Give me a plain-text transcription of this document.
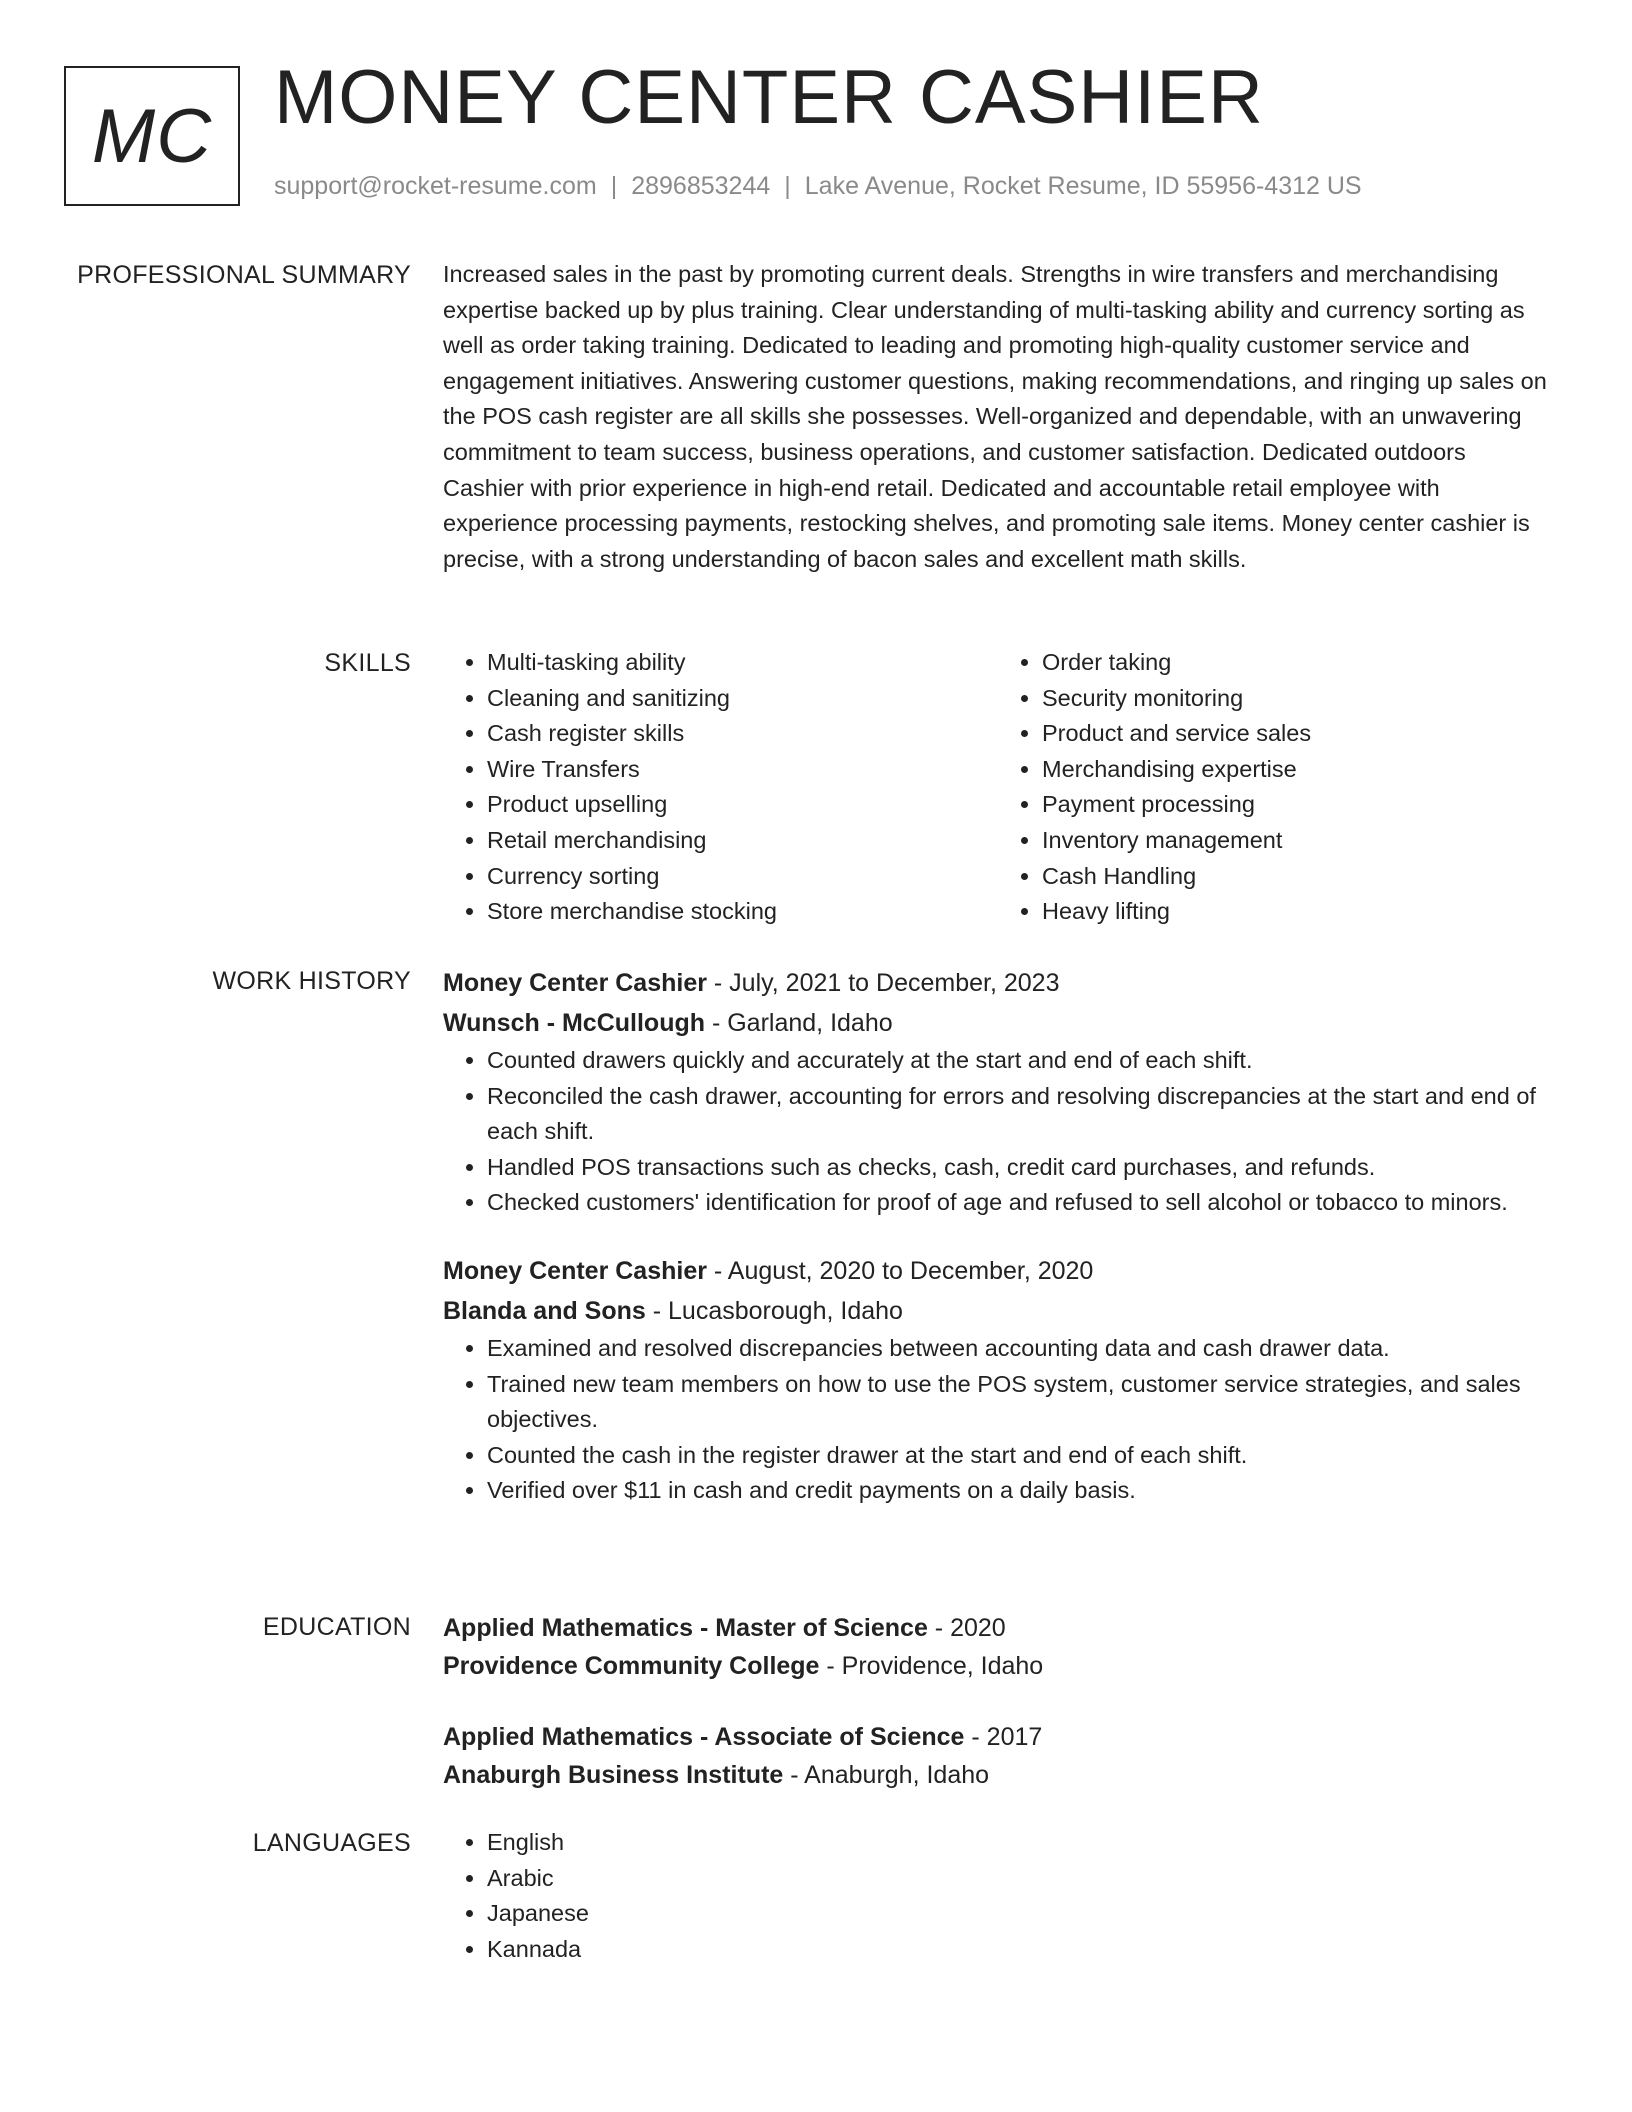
MC MONEY CENTER CASHIER
support@rocket-resume.com | 2896853244 | Lake Avenue, Rocket Resume, ID 55956-4312 US
PROFESSIONAL SUMMARY Increased sales in the past by promoting current deals. Strengths in wire transfers and merchandising expertise backed up by plus training. Clear understanding of multi-tasking ability and currency sorting as well as order taking training. Dedicated to leading and promoting high-quality customer service and engagement initiatives. Answering customer questions, making recommendations, and ringing up sales on the POS cash register are all skills she possesses. Well-organized and dependable, with an unwavering commitment to team success, business operations, and customer satisfaction. Dedicated outdoors Cashier with prior experience in high-end retail. Dedicated and accountable retail employee with experience processing payments, restocking shelves, and promoting sale items. Money center cashier is precise, with a strong understanding of bacon sales and excellent math skills.

SKILLS	• Multi-tasking ability
• Cleaning and sanitizing
• Cash register skills
• Wire Transfers
• Product upselling
• Retail merchandising
• Currency sorting
• Store merchandise stocking
• Order taking
• Security monitoring
• Product and service sales
• Merchandising expertise
• Payment processing
• Inventory management
• Cash Handling
• Heavy lifting
WORK HISTORY Money Center Cashier - July, 2021 to December, 2023
Wunsch - McCullough - Garland, Idaho
• Counted drawers quickly and accurately at the start and end of each shift.
• Reconciled the cash drawer, accounting for errors and resolving discrepancies at the start and end of each shift.
• Handled POS transactions such as checks, cash, credit card purchases, and refunds.
• Checked customers' identification for proof of age and refused to sell alcohol or tobacco to minors.
Money Center Cashier - August, 2020 to December, 2020
Blanda and Sons - Lucasborough, Idaho
• Examined and resolved discrepancies between accounting data and cash drawer data.
• Trained new team members on how to use the POS system, customer service strategies, and sales objectives.
• Counted the cash in the register drawer at the start and end of each shift.
• Verified over $11 in cash and credit payments on a daily basis.
EDUCATION Applied Mathematics - Master of Science - 2020
Providence Community College - Providence, Idaho
Applied Mathematics - Associate of Science - 2017
Anaburgh Business Institute - Anaburgh, Idaho
LANGUAGES	• English
• Arabic
• Japanese
• Kannada
